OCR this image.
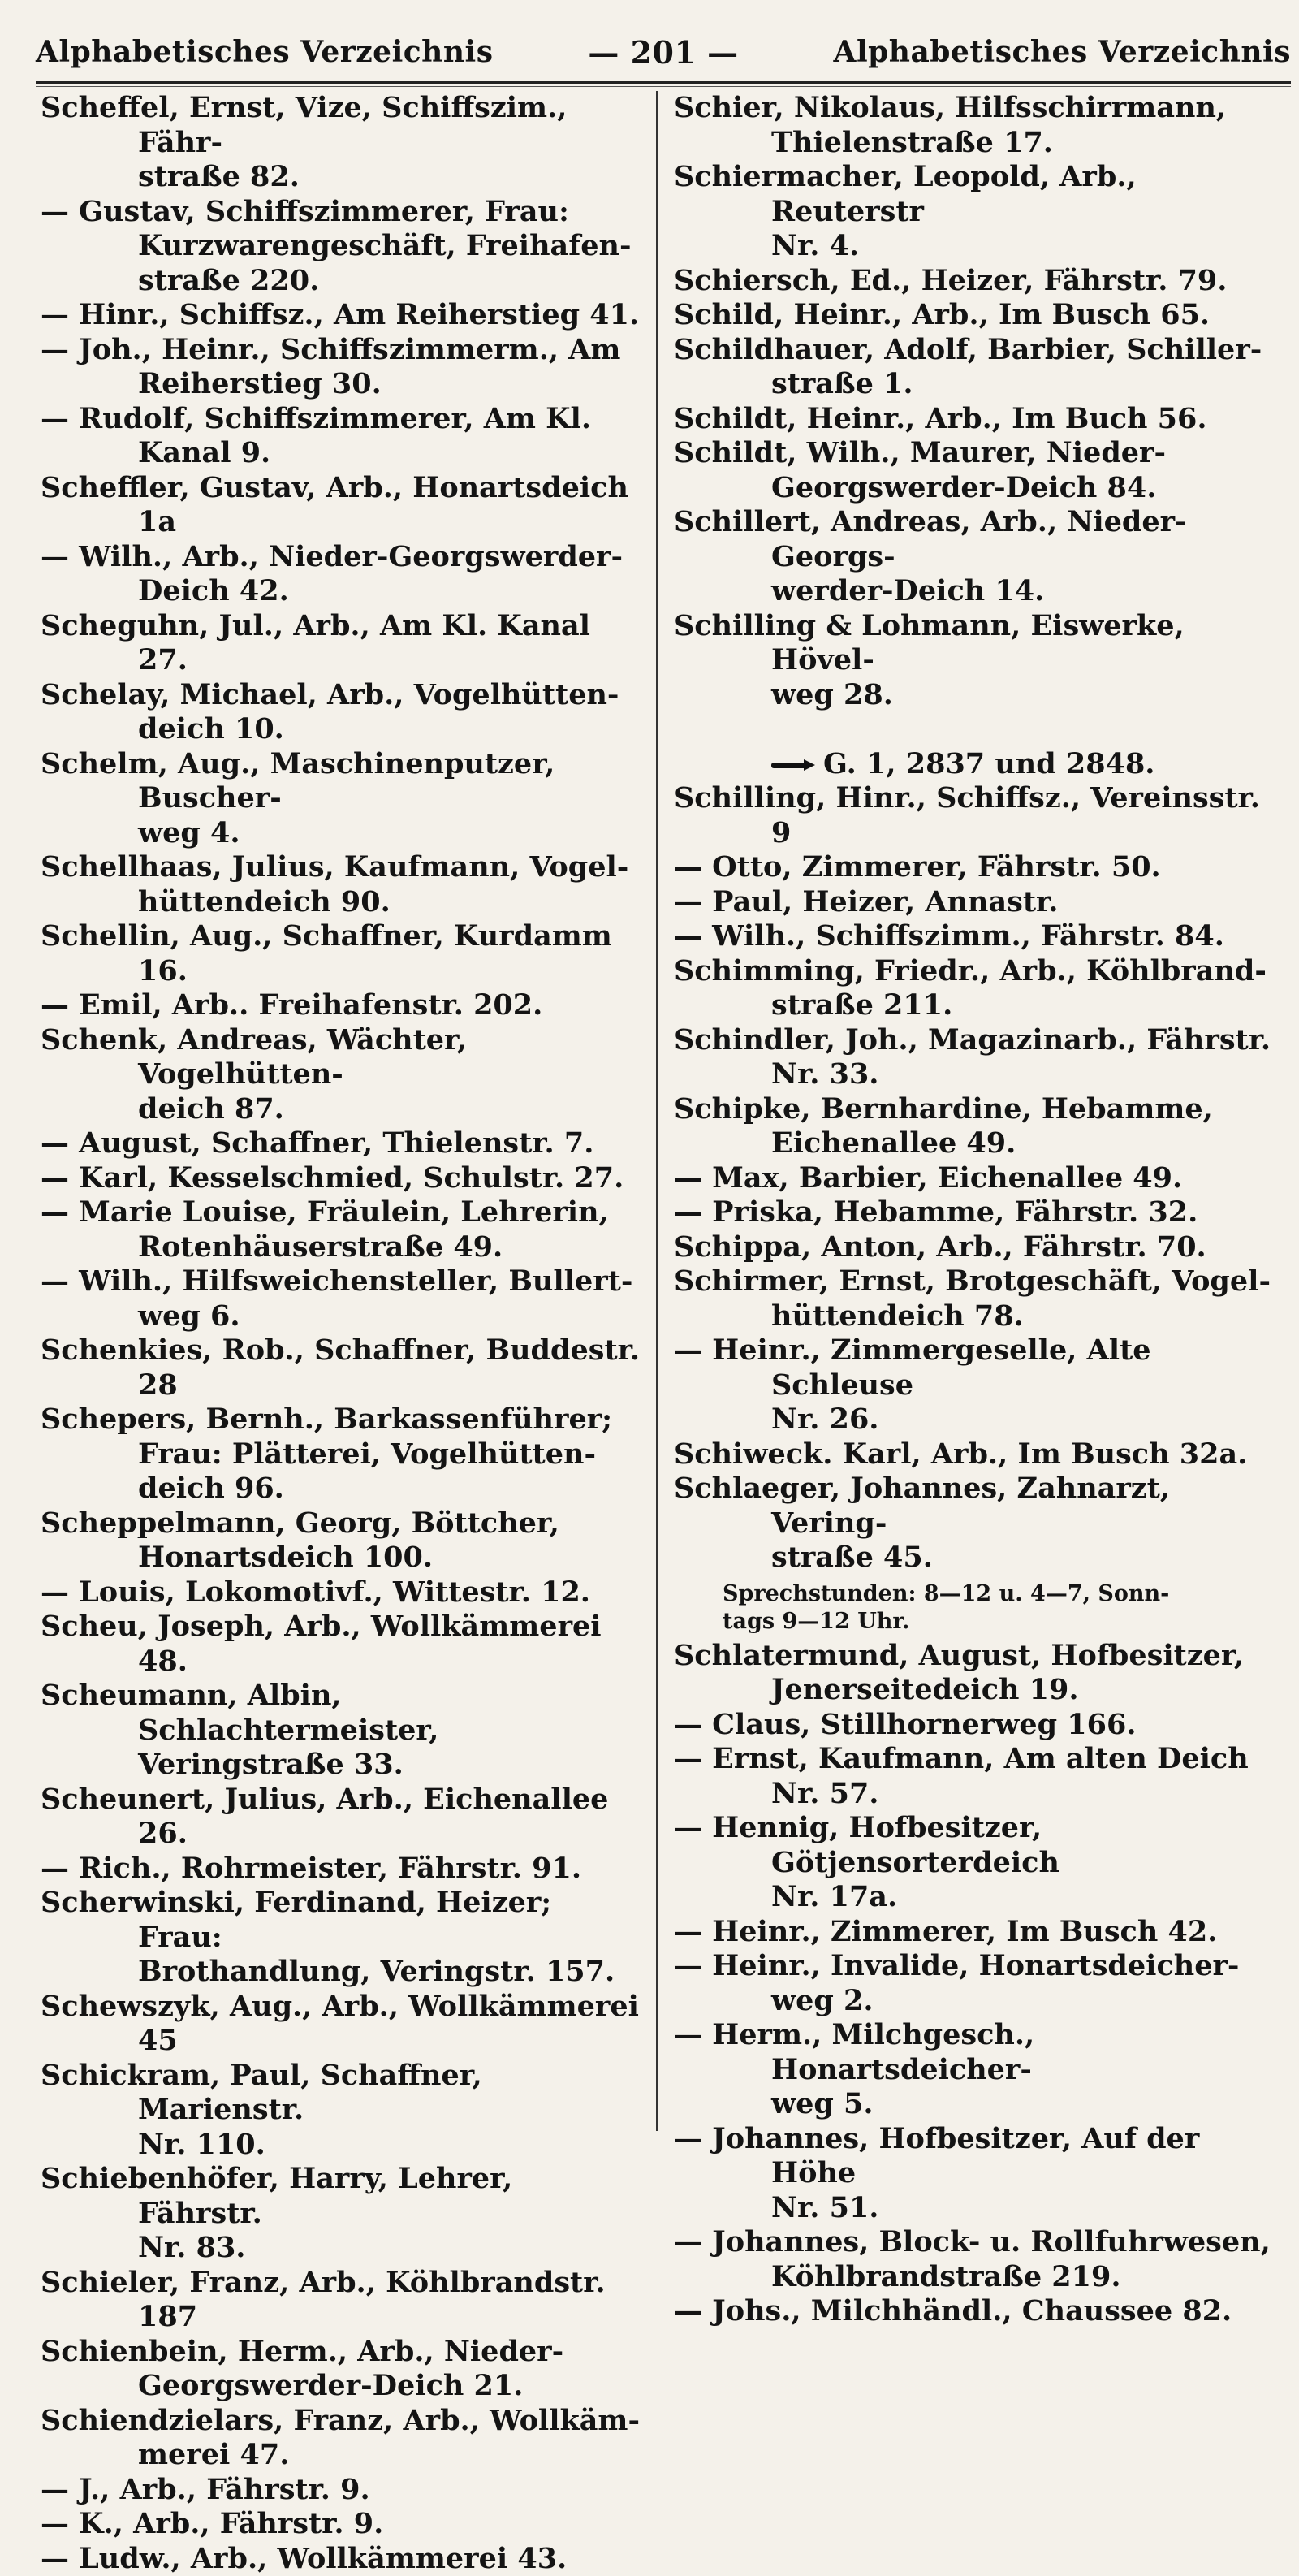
Alphabetisches Verzeichnis	— 201 —	Alphabetisches Verzeichnis

Scheffel, Ernst, Vize, Schiffszim., Fähr-
straße 82.

— Gustav, Schiffszimmerer, Frau:
Kurzwarengeschäft, Freihafen-
straße 220.

— Hinr., Schiffsz., Am Reiherstieg 41.

— Joh., Heinr., Schiffszimmerm., Am
Reiherstieg 30.

— Rudolf, Schiffszimmerer, Am Kl.
Kanal 9.

Scheffler, Gustav, Arb., Honartsdeich 1a

— Wilh., Arb., Nieder-Georgswerder-
Deich 42.

Scheguhn, Jul., Arb., Am Kl. Kanal 27.

Schelay, Michael, Arb., Vogelhütten-
deich 10.

Schelm, Aug., Maschinenputzer, Buscher-
weg 4.

Schellhaas, Julius, Kaufmann, Vogel-
hüttendeich 90.

Schellin, Aug., Schaffner, Kurdamm 16.

— Emil, Arb.. Freihafenstr. 202.

Schenk, Andreas, Wächter, Vogelhütten-
deich 87.

— August, Schaffner, Thielenstr. 7.

— Karl, Kesselschmied, Schulstr. 27.

— Marie Louise, Fräulein, Lehrerin,
Rotenhäuserstraße 49.

— Wilh., Hilfsweichensteller, Bullert-
weg 6.

Schenkies, Rob., Schaffner, Buddestr. 28

Schepers, Bernh., Barkassenführer;
Frau: Plätterei, Vogelhütten-
deich 96.

Scheppelmann, Georg, Böttcher,
Honartsdeich 100.

— Louis, Lokomotivf., Wittestr. 12.

Scheu, Joseph, Arb., Wollkämmerei 48.

Scheumann, Albin, Schlachtermeister,
Veringstraße 33.

Scheunert, Julius, Arb., Eichenallee 26.

— Rich., Rohrmeister, Fährstr. 91.

Scherwinski, Ferdinand, Heizer; Frau:
Brothandlung, Veringstr. 157.

Schewszyk, Aug., Arb., Wollkämmerei 45

Schickram, Paul, Schaffner, Marienstr.
Nr. 110.

Schiebenhöfer, Harry, Lehrer, Fährstr.
Nr. 83.

Schieler, Franz, Arb., Köhlbrandstr. 187

Schienbein, Herm., Arb., Nieder-
Georgswerder-Deich 21.

Schiendzielars, Franz, Arb., Wollkäm-
merei 47.

— J., Arb., Fährstr. 9.

— K., Arb., Fährstr. 9.

— Ludw., Arb., Wollkämmerei 43.

Schier, Nikolaus, Hilfsschirrmann,
Thielenstraße 17.

Schiermacher, Leopold, Arb., Reuterstr
Nr. 4.

Schiersch, Ed., Heizer, Fährstr. 79.

Schild, Heinr., Arb., Im Busch 65.

Schildhauer, Adolf, Barbier, Schiller-
straße 1.

Schildt, Heinr., Arb., Im Buch 56.

Schildt, Wilh., Maurer, Nieder-
Georgswerder-Deich 84.

Schillert, Andreas, Arb., Nieder-Georgs-
werder-Deich 14.

Schilling & Lohmann, Eiswerke, Hövel-
weg 28.

G. 1, 2837 und 2848.

Schilling, Hinr., Schiffsz., Vereinsstr. 9

— Otto, Zimmerer, Fährstr. 50.

— Paul, Heizer, Annastr.

— Wilh., Schiffszimm., Fährstr. 84.

Schimming, Friedr., Arb., Köhlbrand-
straße 211.

Schindler, Joh., Magazinarb., Fährstr.
Nr. 33.

Schipke, Bernhardine, Hebamme,
Eichenallee 49.

— Max, Barbier, Eichenallee 49.

— Priska, Hebamme, Fährstr. 32.

Schippa, Anton, Arb., Fährstr. 70.

Schirmer, Ernst, Brotgeschäft, Vogel-
hüttendeich 78.

— Heinr., Zimmergeselle, Alte Schleuse
Nr. 26.

Schiweck. Karl, Arb., Im Busch 32a.

Schlaeger, Johannes, Zahnarzt, Vering-
straße 45.

Sprechstunden: 8—12 u. 4—7, Sonn-
tags 9—12 Uhr.

Schlatermund, August, Hofbesitzer,
Jenerseitedeich 19.

— Claus, Stillhornerweg 166.

— Ernst, Kaufmann, Am alten Deich
Nr. 57.

— Hennig, Hofbesitzer, Götjensorterdeich
Nr. 17a.

— Heinr., Zimmerer, Im Busch 42.

— Heinr., Invalide, Honartsdeicher-
weg 2.

— Herm., Milchgesch., Honartsdeicher-
weg 5.

— Johannes, Hofbesitzer, Auf der Höhe
Nr. 51.

— Johannes, Block- u. Rollfuhrwesen,
Köhlbrandstraße 219.

— Johs., Milchhändl., Chaussee 82.
